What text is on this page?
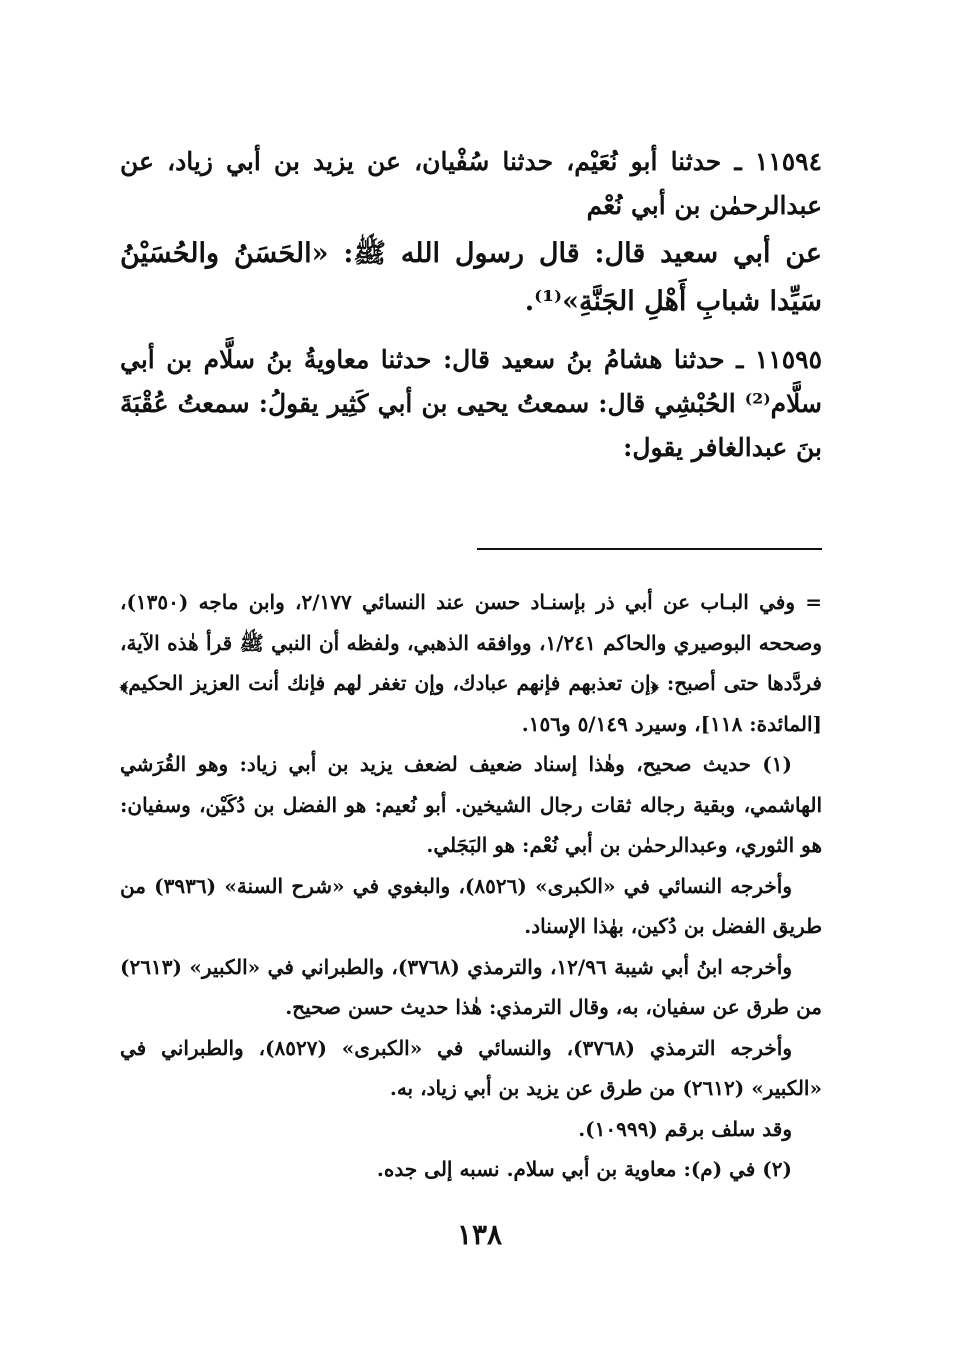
١١٥٩٤ ـ حدثنا أبو نُعَيْم، حدثنا سُفْيان، عن يزيد بن أبي زياد، عن عبدالرحمٰن بن أبي نُعْم

عن أبي سعيد قال: قال رسول الله ﷺ: «الحَسَنُ والحُسَيْنُ سَيِّدا شبابِ أَهْلِ الجَنَّةِ»⁽¹⁾.

١١٥٩٥ ـ حدثنا هشامُ بنُ سعيد قال: حدثنا معاويةُ بنُ سلَّام بن أبي سلَّام⁽²⁾ الحُبْشِي قال: سمعتُ يحيى بن أبي كَثِير يقولُ: سمعتُ عُقْبَةَ بنَ عبدالغافر يقول:

= وفي البـاب عن أبي ذر بإسنـاد حسن عند النسائي ٢/١٧٧، وابن ماجه (١٣٥٠)، وصححه البوصيري والحاكم ١/٢٤١، ووافقه الذهبي، ولفظه أن النبي ﷺ قرأ هٰذه الآية، فردَّدها حتى أصبح: ﴿إن تعذبهم فإنهم عبادك، وإن تغفر لهم فإنك أنت العزيز الحكيم﴾ [المائدة: ١١٨]، وسيرد ٥/١٤٩ و١٥٦.

(١) حديث صحيح، وهٰذا إسناد ضعيف لضعف يزيد بن أبي زياد: وهو القُرَشي الهاشمي، وبقية رجاله ثقات رجال الشيخين. أبو نُعيم: هو الفضل بن دُكَيْن، وسفيان: هو الثوري، وعبدالرحمٰن بن أبي نُعْم: هو البَجَلي.

وأخرجه النسائي في «الكبرى» (٨٥٢٦)، والبغوي في «شرح السنة» (٣٩٣٦) من طريق الفضل بن دُكين، بهٰذا الإسناد.

وأخرجه ابنُ أبي شيبة ١٢/٩٦، والترمذي (٣٧٦٨)، والطبراني في «الكبير» (٢٦١٣) من طرق عن سفيان، به، وقال الترمذي: هٰذا حديث حسن صحيح.

وأخرجه الترمذي (٣٧٦٨)، والنسائي في «الكبرى» (٨٥٢٧)، والطبراني في «الكبير» (٢٦١٢) من طرق عن يزيد بن أبي زياد، به.

وقد سلف برقم (١٠٩٩٩).

(٢) في (م): معاوية بن أبي سلام. نسبه إلى جده.

١٣٨
